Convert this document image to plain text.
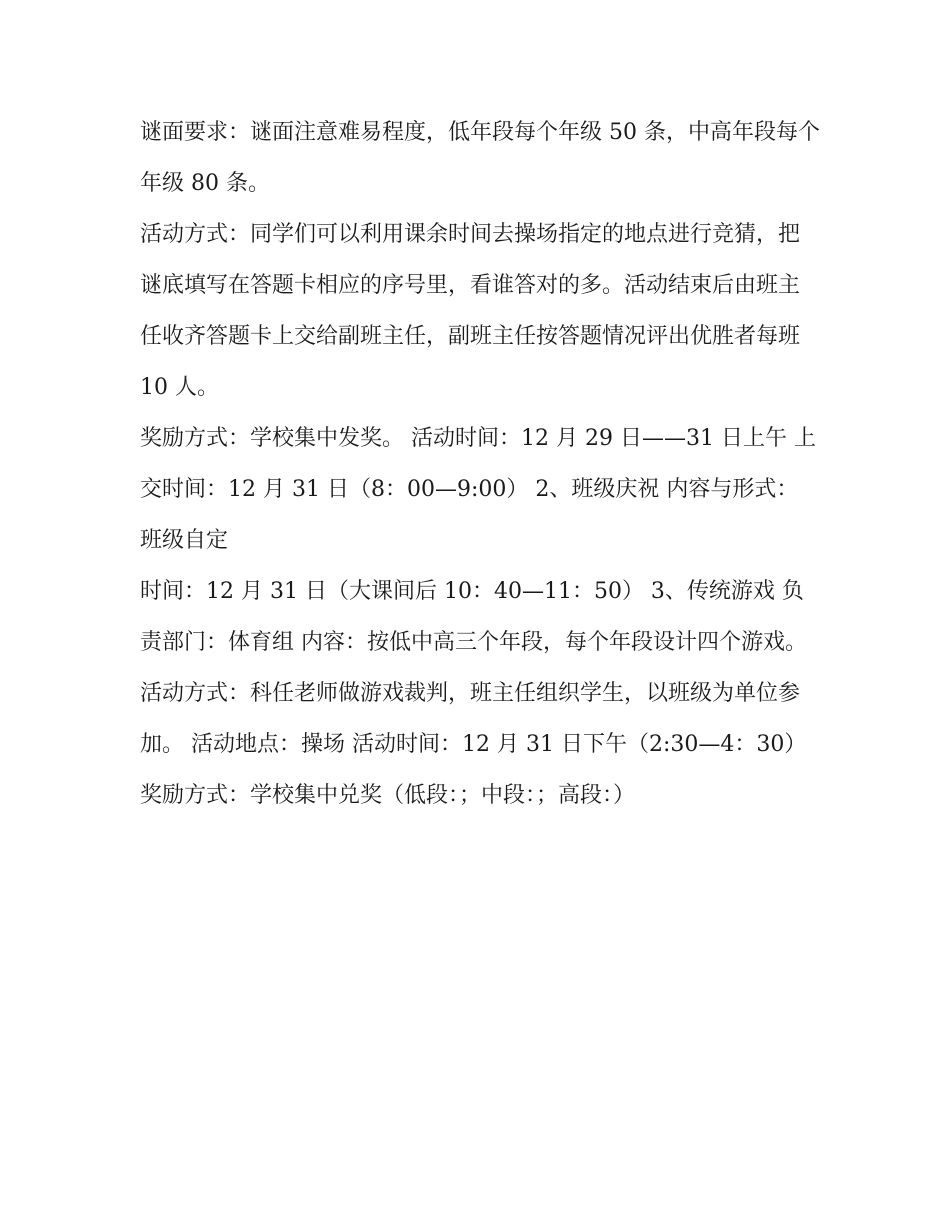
谜面要求：谜面注意难易程度，低年段每个年级 50 条，中高年段每个年级 80 条。

活动方式：同学们可以利用课余时间去操场指定的地点进行竞猜，把谜底填写在答题卡相应的序号里，看谁答对的多。活动结束后由班主任收齐答题卡上交给副班主任，副班主任按答题情况评出优胜者每班 10 人。

奖励方式：学校集中发奖。 活动时间：12 月 29 日——31 日上午 上交时间：12 月 31 日（8：00—9:00） 2、班级庆祝 内容与形式：班级自定

时间：12 月 31 日（大课间后 10：40—11：50） 3、传统游戏 负责部门：体育组 内容：按低中高三个年段，每个年段设计四个游戏。

活动方式：科任老师做游戏裁判，班主任组织学生，以班级为单位参加。 活动地点：操场 活动时间：12 月 31 日下午（2:30—4：30）

奖励方式：学校集中兑奖（低段：；中段：；高段：）
